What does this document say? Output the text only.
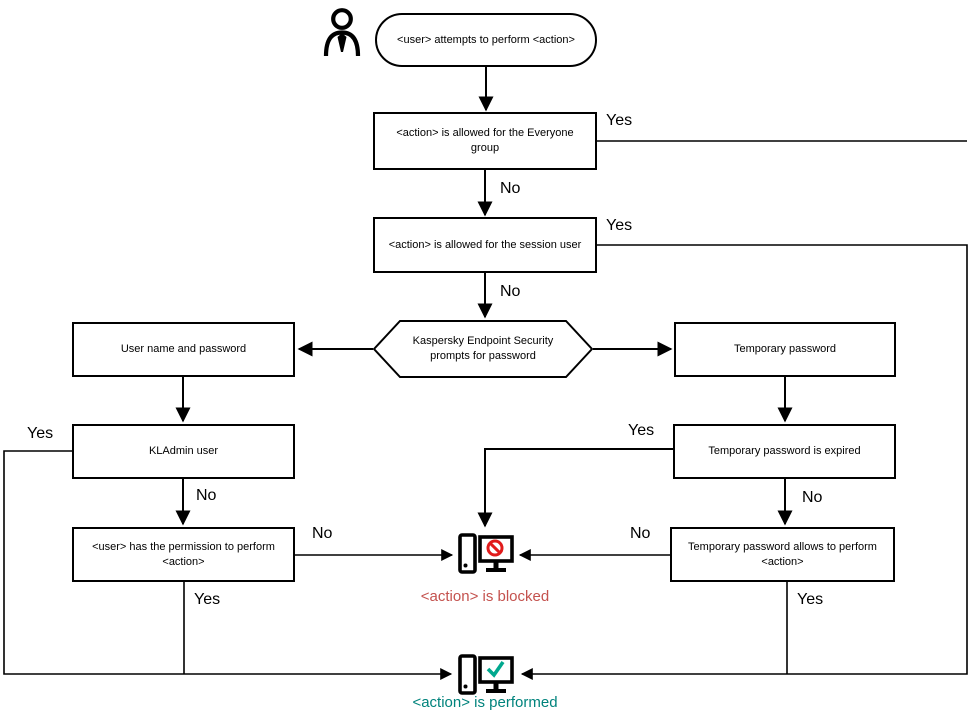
<user> attempts to perform <action>
<action> is allowed for the Everyone group
<action> is allowed for the session user
Kaspersky Endpoint Security prompts for password
User name and password
KLAdmin user
<user> has the permission to perform <action>
Temporary password
Temporary password is expired
Temporary password allows to perform <action>
Yes
No
Yes
No
Yes
No
No
Yes
Yes
No
No
Yes
<action> is blocked
<action> is performed
